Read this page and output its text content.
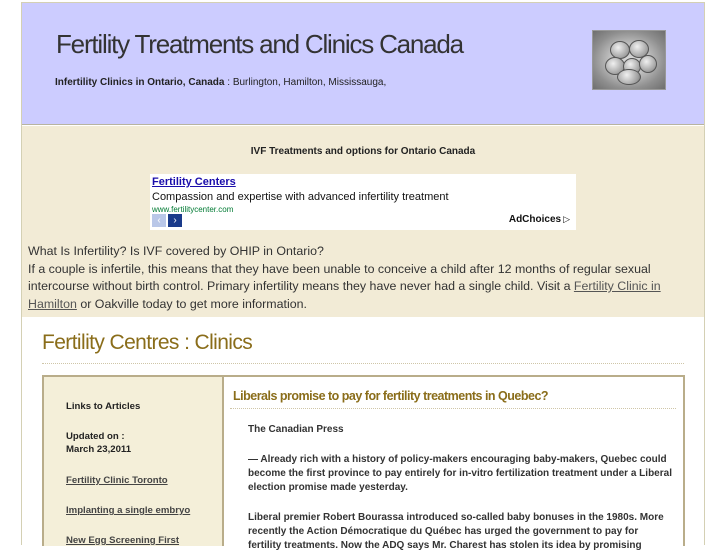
Fertility Treatments and Clinics Canada
Infertility Clinics in Ontario, Canada : Burlington, Hamilton, Mississauga,
IVF Treatments and options for Ontario Canada
Fertility Centers
Compassion and expertise with advanced infertility treatment
www.fertilitycenter.com
‹	›	AdChoices ▷
What Is Infertility? Is IVF covered by OHIP in Ontario?
If a couple is infertile, this means that they have been unable to conceive a child after 12 months of regular sexual intercourse without birth control. Primary infertility means they have never had a single child. Visit a Fertility Clinic in Hamilton or Oakville today to get more information.
Fertility Centres : Clinics
Links to Articles
Updated on :
March 23,2011
Fertility Clinic Toronto
Implanting a single embryo
New Egg Screening First
Liberals promise to pay for fertility treatments in Quebec?
The Canadian Press
— Already rich with a history of policy-makers encouraging baby-makers, Quebec could become the first province to pay entirely for in-vitro fertilization treatment under a Liberal election promise made yesterday.
Liberal premier Robert Bourassa introduced so-called baby bonuses in the 1980s. More recently the Action Démocratique du Québec has urged the government to pay for fertility treatments. Now the ADQ says Mr. Charest has stolen its idea by promising
